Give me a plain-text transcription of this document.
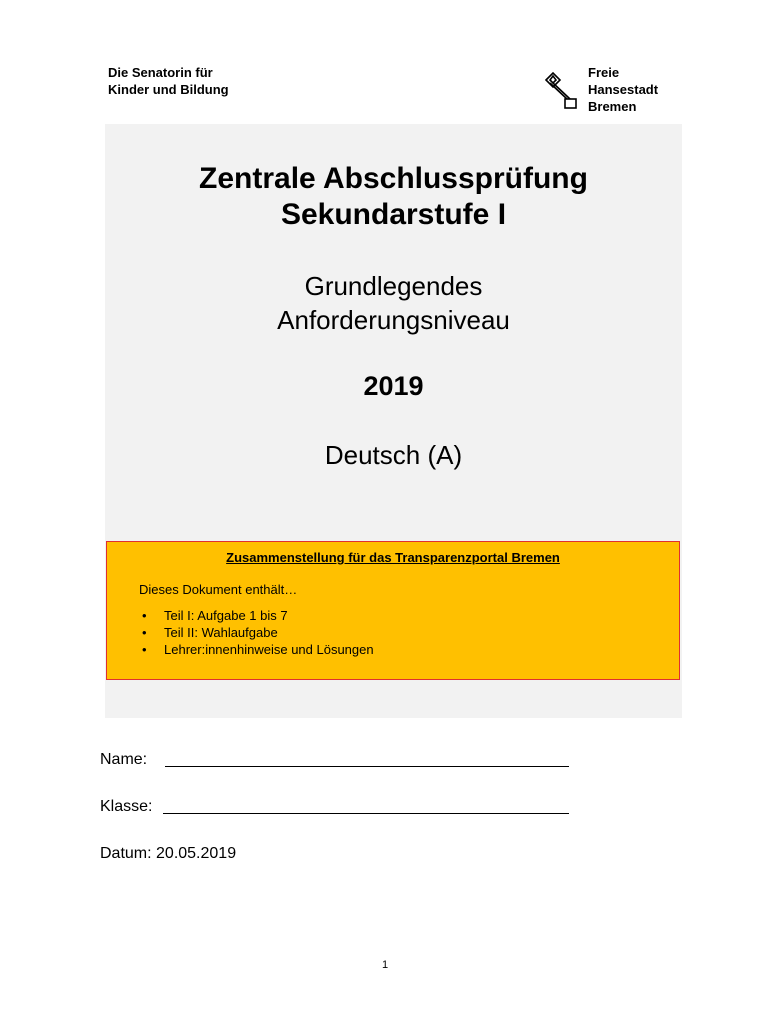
Die Senatorin für
Kinder und Bildung
Freie
Hansestadt
Bremen
Zentrale Abschlussprüfung
Sekundarstufe I
Grundlegendes
Anforderungsniveau
2019
Deutsch (A)
Zusammenstellung für das Transparenzportal Bremen
Dieses Dokument enthält…
• Teil I: Aufgabe 1 bis 7
• Teil II: Wahlaufgabe
• Lehrer:innenhinweise und Lösungen
Name:
Klasse:
Datum: 20.05.2019
1
